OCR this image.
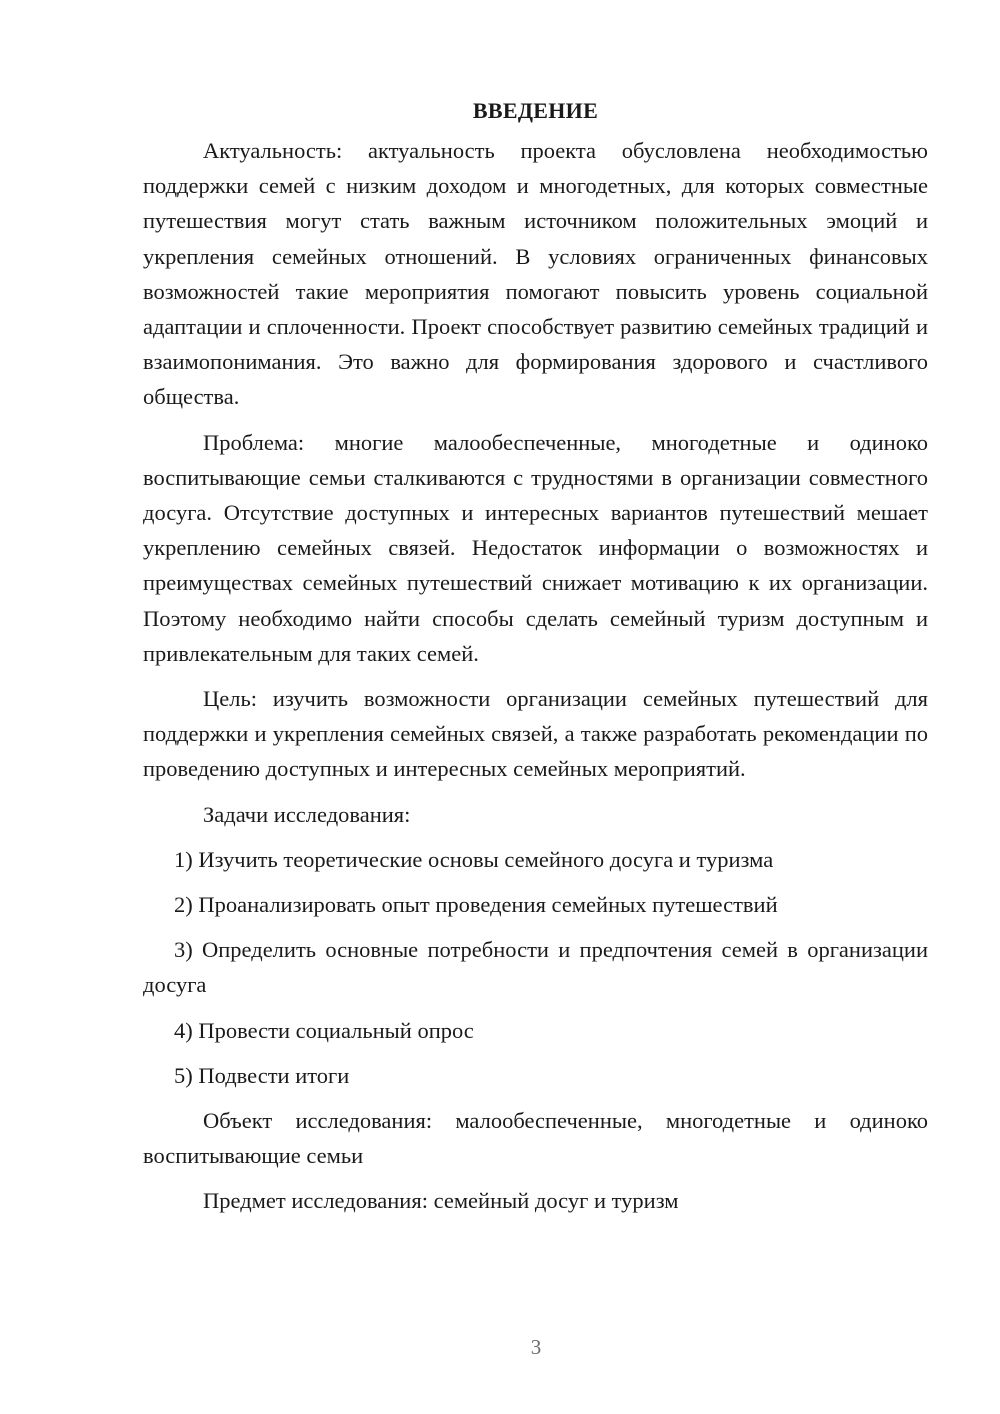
ВВЕДЕНИЕ

Актуальность: актуальность проекта обусловлена необходимостью поддержки семей с низким доходом и многодетных, для которых совместные путешествия могут стать важным источником положительных эмоций и укрепления семейных отношений. В условиях ограниченных финансовых возможностей такие мероприятия помогают повысить уровень социальной адаптации и сплоченности. Проект способствует развитию семейных традиций и взаимопонимания. Это важно для формирования здорового и счастливого общества.

Проблема: многие малообеспеченные, многодетные и одиноко воспитывающие семьи сталкиваются с трудностями в организации совместного досуга. Отсутствие доступных и интересных вариантов путешествий мешает укреплению семейных связей. Недостаток информации о возможностях и преимуществах семейных путешествий снижает мотивацию к их организации. Поэтому необходимо найти способы сделать семейный туризм доступным и привлекательным для таких семей.

Цель: изучить возможности организации семейных путешествий для поддержки и укрепления семейных связей, а также разработать рекомендации по проведению доступных и интересных семейных мероприятий.

Задачи исследования:

1) Изучить теоретические основы семейного досуга и туризма

2) Проанализировать опыт проведения семейных путешествий

3) Определить основные потребности и предпочтения семей в организации досуга

4) Провести социальный опрос

5) Подвести итоги

Объект исследования: малообеспеченные, многодетные и одиноко воспитывающие семьи

Предмет исследования: семейный досуг и туризм

3
